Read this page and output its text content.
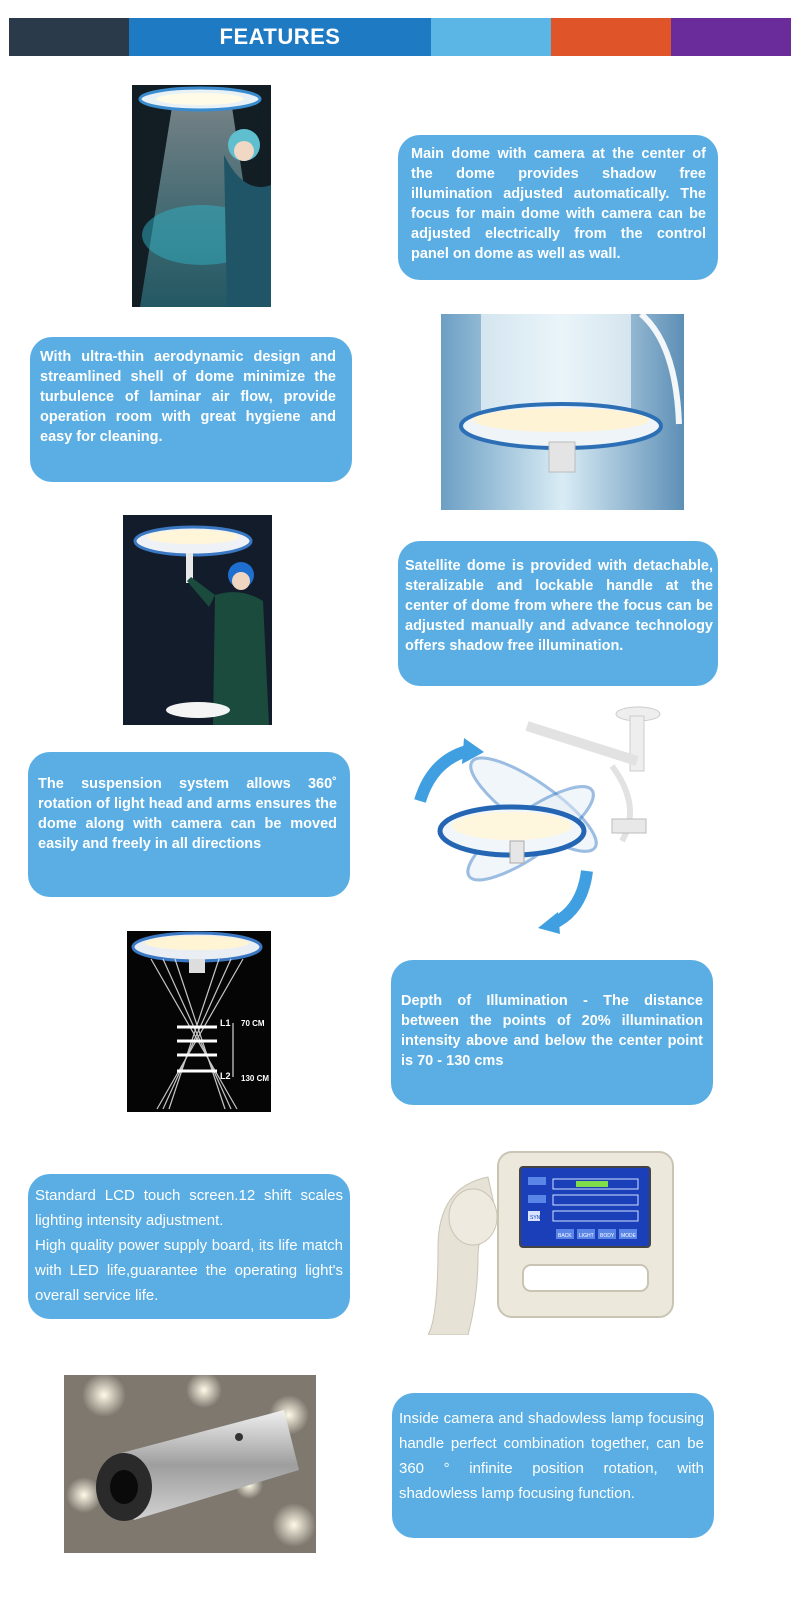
FEATURES

Main dome with camera at the center of the dome provides shadow free illumination adjusted automatically. The focus for main dome with camera can be adjusted electrically from the control panel on dome as well as wall.

With ultra-thin aerodynamic design and streamlined shell of dome minimize the turbulence of laminar air flow, provide operation room with great hygiene and easy for cleaning.

Satellite dome is provided with detachable, steralizable and lockable handle at the center of dome from where the focus can be adjusted manually and advance technology offers shadow free illumination.

The suspension system allows 360˚ rotation of light head and arms ensures the dome along with camera can be moved easily and freely in all directions

L1
L2
70 CM
130 CM

Depth of Illumination - The distance between the points of 20% illumination intensity above and below the center point is 70 - 130 cms

Standard LCD touch screen.12 shift scales lighting intensity adjustment.

High quality power supply board, its life match with LED life,guarantee the operating light's overall service life.

BACK LIGHT BODY MODE
SYN

Inside camera and shadowless lamp focusing handle perfect combination together, can be 360 ° infinite position rotation, with shadowless lamp focusing function.
